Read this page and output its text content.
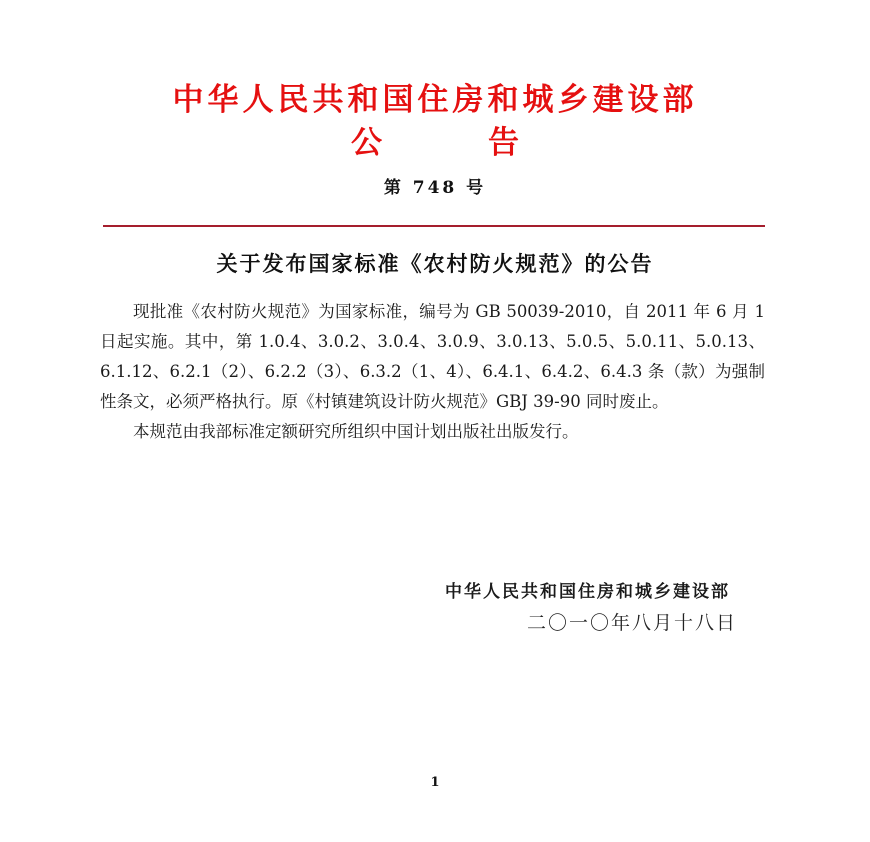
中华人民共和国住房和城乡建设部
公	告
第 748 号
关于发布国家标准《农村防火规范》的公告

现批准《农村防火规范》为国家标准，编号为 GB 50039-2010，自 2011 年 6 月 1 日起实施。其中，第 1.0.4、3.0.2、3.0.4、3.0.9、3.0.13、5.0.5、5.0.11、5.0.13、6.1.12、6.2.1（2）、6.2.2（3）、6.3.2（1、4）、6.4.1、6.4.2、6.4.3 条（款）为强制性条文，必须严格执行。原《村镇建筑设计防火规范》GBJ 39-90 同时废止。

本规范由我部标准定额研究所组织中国计划出版社出版发行。

中华人民共和国住房和城乡建设部
二〇一〇年八月十八日
1
